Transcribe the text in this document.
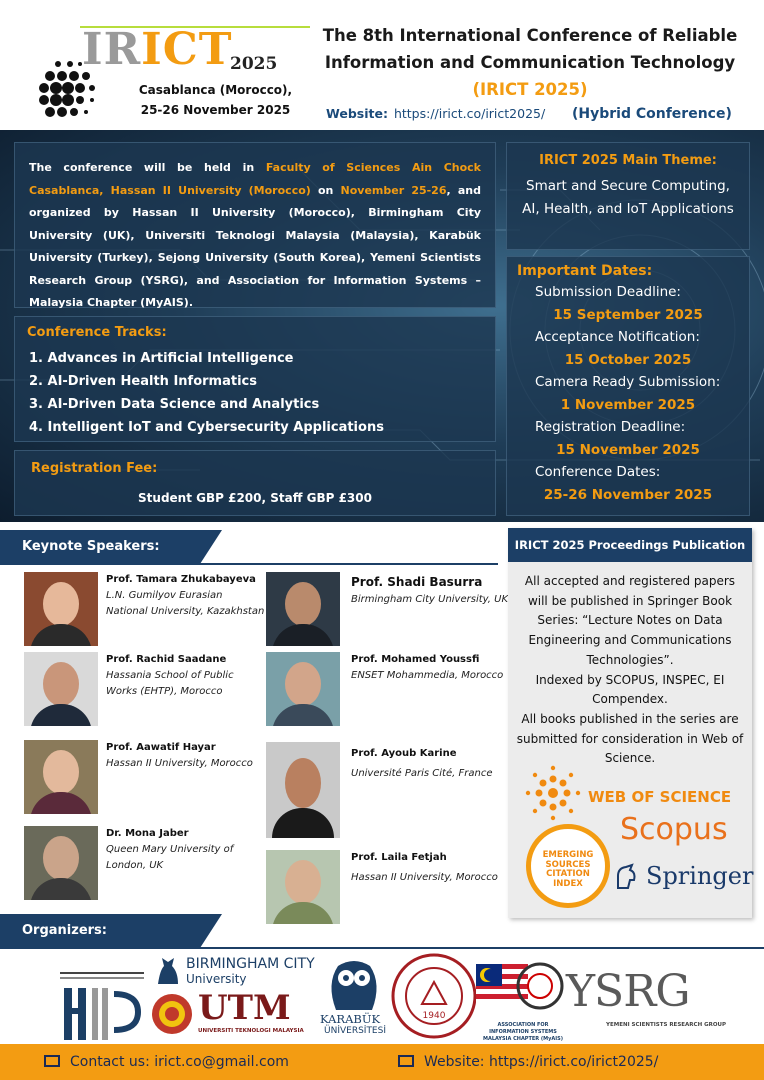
IRICT
2025
Casablanca (Morocco),
25-26 November 2025
The 8th International Conference of Reliable
Information and Communication Technology
(IRICT 2025)
Website: https://irict.co/irict2025/ (Hybrid Conference)
The conference will be held in Faculty of Sciences Ain Chock Casablanca, Hassan II University (Morocco) on November 25-26, and organized by Hassan II University (Morocco), Birmingham City University (UK), Universiti Teknologi Malaysia (Malaysia), Karabük University (Turkey), Sejong University (South Korea), Yemeni Scientists Research Group (YSRG), and Association for Information Systems – Malaysia Chapter (MyAIS).
Conference Tracks:
1. Advances in Artificial Intelligence
2. AI-Driven Health Informatics
3. AI-Driven Data Science and Analytics
4. Intelligent IoT and Cybersecurity Applications
Registration Fee:
Student GBP £200, Staff GBP £300
IRICT 2025 Main Theme:
Smart and Secure Computing, AI, Health, and IoT Applications
Important Dates:
Submission Deadline:
15 September 2025
Acceptance Notification:
15 October 2025
Camera Ready Submission:
1 November 2025
Registration Deadline:
15 November 2025
Conference Dates:
25-26 November 2025
Keynote Speakers:
Prof. Tamara Zhukabayeva
L.N. Gumilyov Eurasian National University, Kazakhstan
Prof. Rachid Saadane
Hassania School of Public Works (EHTP), Morocco
Prof. Aawatif Hayar
Hassan II University, Morocco
Dr. Mona Jaber
Queen Mary University of London, UK
Prof. Shadi Basurra
Birmingham City University, UK
Prof. Mohamed Youssfi
ENSET Mohammedia, Morocco
Prof. Ayoub Karine
Université Paris Cité, France
Prof. Laila Fetjah
Hassan II University, Morocco
IRICT 2025 Proceedings Publication
All accepted and registered papers will be published in Springer Book Series: “Lecture Notes on Data Engineering and Communications Technologies”.
Indexed by SCOPUS, INSPEC, EI Compendex.
All books published in the series are submitted for consideration in Web of Science.
WEB OF SCIENCE
Scopus
EMERGING SOURCES CITATION INDEX	Springer
Organizers:
BIRMINGHAM CITY
University
UTM
UNIVERSITI TEKNOLOGI MALAYSIA
KARABÜK
ÜNİVERSİTESİ
1940
ASSOCIATION FOR INFORMATION SYSTEMS MALAYSIA CHAPTER (MyAIS)
YSRG
YEMENI SCIENTISTS RESEARCH GROUP
Contact us: irict.co@gmail.com	Website: https://irict.co/irict2025/
